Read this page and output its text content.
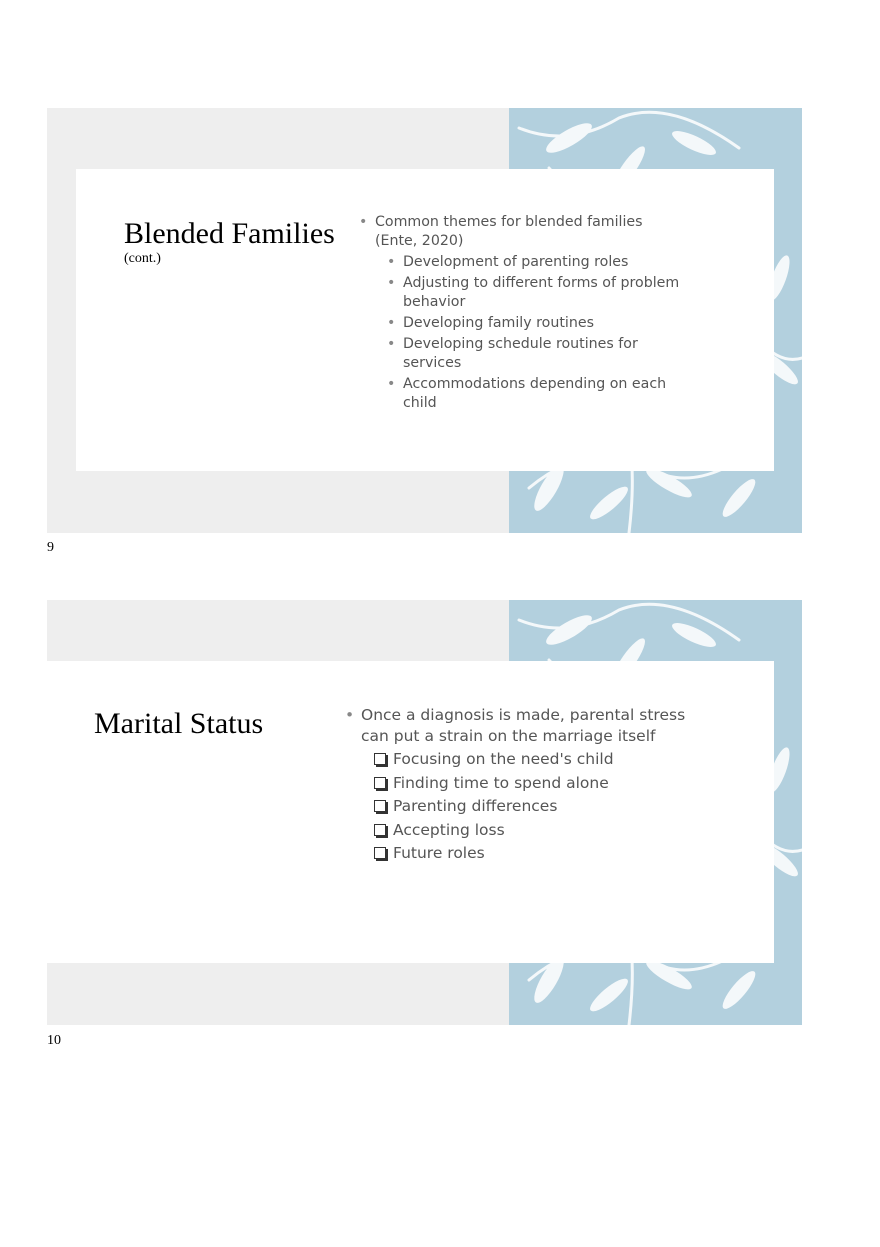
Blended Families
(cont.)
• Common themes for blended families (Ente, 2020)
• Development of parenting roles
• Adjusting to different forms of problem behavior
• Developing family routines
• Developing schedule routines for services
• Accommodations depending on each child
9
Marital Status
•	Once a diagnosis is made, parental stress can put a strain on the marriage itself
Focusing on the need's child
Finding time to spend alone
Parenting differences
Accepting loss
Future roles
10
